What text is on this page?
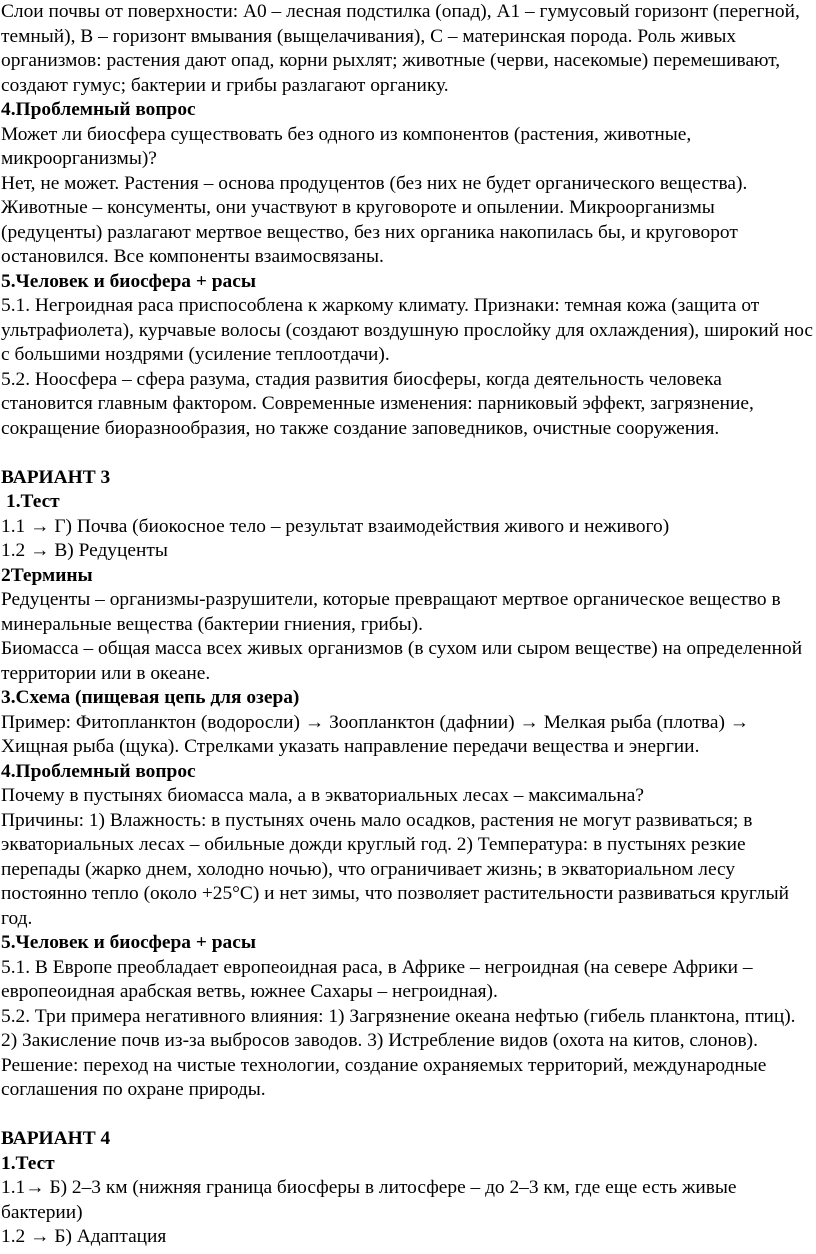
Слои почвы от поверхности: А0 – лесная подстилка (опад), А1 – гумусовый горизонт (перегной, темный), В – горизонт вмывания (выщелачивания), С – материнская порода. Роль живых организмов: растения дают опад, корни рыхлят; животные (черви, насекомые) перемешивают, создают гумус; бактерии и грибы разлагают органику.

4.Проблемный вопрос

Может ли биосфера существовать без одного из компонентов (растения, животные, микроорганизмы)?

Нет, не может. Растения – основа продуцентов (без них не будет органического вещества). Животные – консументы, они участвуют в круговороте и опылении. Микроорганизмы (редуценты) разлагают мертвое вещество, без них органика накопилась бы, и круговорот остановился. Все компоненты взаимосвязаны.

5.Человек и биосфера + расы

5.1. Негроидная раса приспособлена к жаркому климату. Признаки: темная кожа (защита от ультрафиолета), курчавые волосы (создают воздушную прослойку для охлаждения), широкий нос с большими ноздрями (усиление теплоотдачи).

5.2. Ноосфера – сфера разума, стадия развития биосферы, когда деятельность человека становится главным фактором. Современные изменения: парниковый эффект, загрязнение, сокращение биоразнообразия, но также создание заповедников, очистные сооружения.

ВАРИАНТ 3

1.Тест

1.1 → Г) Почва (биокосное тело – результат взаимодействия живого и неживого)

1.2 → В) Редуценты

2Термины

Редуценты – организмы-разрушители, которые превращают мертвое органическое вещество в минеральные вещества (бактерии гниения, грибы).

Биомасса – общая масса всех живых организмов (в сухом или сыром веществе) на определенной территории или в океане.

3.Схема (пищевая цепь для озера)

Пример: Фитопланктон (водоросли) → Зоопланктон (дафнии) → Мелкая рыба (плотва) → Хищная рыба (щука). Стрелками указать направление передачи вещества и энергии.

4.Проблемный вопрос

Почему в пустынях биомасса мала, а в экваториальных лесах – максимальна?

Причины: 1) Влажность: в пустынях очень мало осадков, растения не могут развиваться; в экваториальных лесах – обильные дожди круглый год. 2) Температура: в пустынях резкие перепады (жарко днем, холодно ночью), что ограничивает жизнь; в экваториальном лесу постоянно тепло (около +25°С) и нет зимы, что позволяет растительности развиваться круглый год.

5.Человек и биосфера + расы

5.1. В Европе преобладает европеоидная раса, в Африке – негроидная (на севере Африки – европеоидная арабская ветвь, южнее Сахары – негроидная).

5.2. Три примера негативного влияния: 1) Загрязнение океана нефтью (гибель планктона, птиц). 2) Закисление почв из-за выбросов заводов. 3) Истребление видов (охота на китов, слонов). Решение: переход на чистые технологии, создание охраняемых территорий, международные соглашения по охране природы.

ВАРИАНТ 4

1.Тест

1.1→ Б) 2–3 км (нижняя граница биосферы в литосфере – до 2–3 км, где еще есть живые бактерии)

1.2 → Б) Адаптация
